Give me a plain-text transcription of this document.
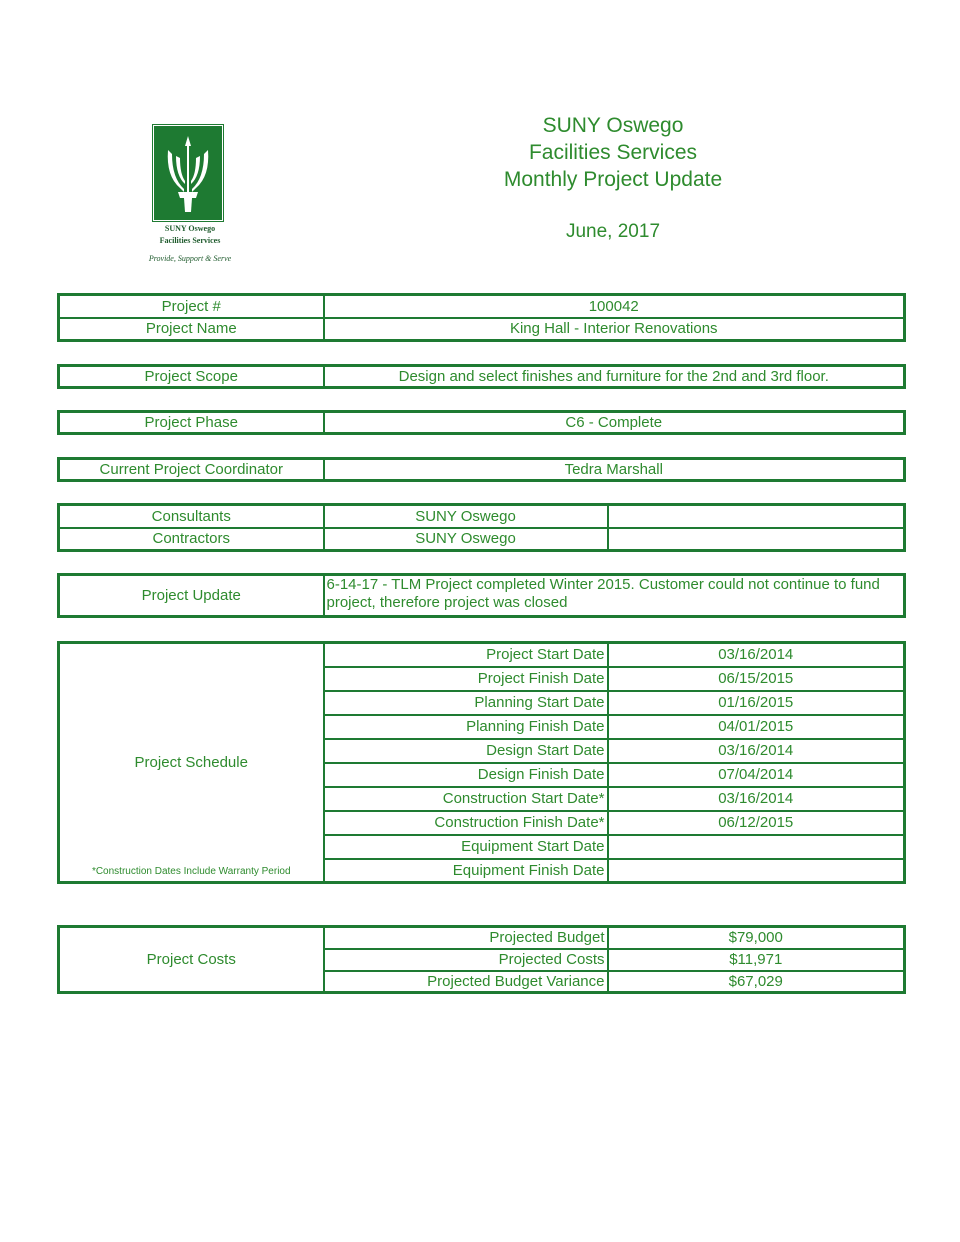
SUNY Oswego
Facilities Services
Monthly Project Update
June, 2017
SUNY Oswego
Facilities Services
Provide, Support & Serve
Project #	100042
Project Name	King Hall - Interior Renovations
Project Scope	Design and select finishes and furniture for the 2nd and 3rd floor.
Project Phase	C6 - Complete
Current Project Coordinator	Tedra Marshall
Consultants	SUNY Oswego	
Contractors	SUNY Oswego	
Project Update	6-14-17 - TLM Project completed Winter 2015. Customer could not continue to fund project, therefore project was closed
Project Schedule
*Construction Dates Include Warranty Period	Project Start Date	03/16/2014
	Project Finish Date	06/15/2015
	Planning Start Date	01/16/2015
	Planning Finish Date	04/01/2015
	Design Start Date	03/16/2014
	Design Finish Date	07/04/2014
	Construction Start Date*	03/16/2014
	Construction Finish Date*	06/12/2015
	Equipment Start Date	
	Equipment Finish Date	
Project Costs	Projected Budget	$79,000
	Projected Costs	$11,971
	Projected Budget Variance	$67,029
